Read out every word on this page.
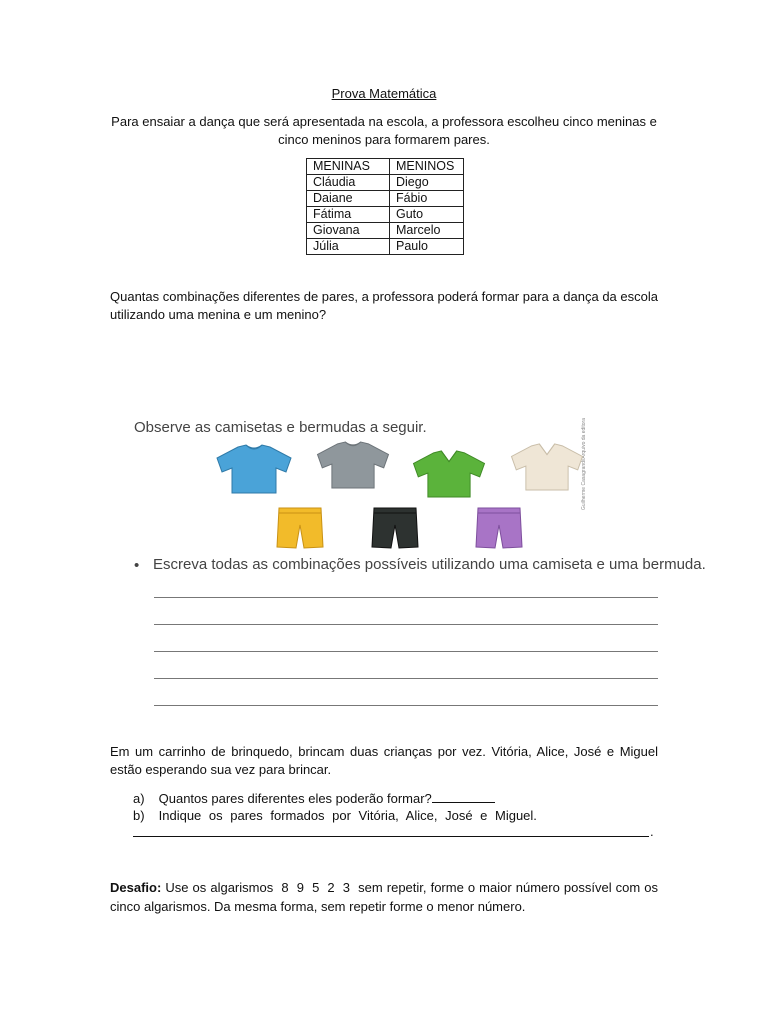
Prova Matemática
Para ensaiar a dança que será apresentada na escola, a professora escolheu cinco meninas e cinco meninos para formarem pares.
MENINAS	MENINOS
Cláudia	Diego
Daiane	Fábio
Fátima	Guto
Giovana	Marcelo
Júlia	Paulo
Quantas combinações diferentes de pares, a professora poderá formar para a dança da escola utilizando uma menina e um menino?
Observe as camisetas e bermudas a seguir.	Guilherme Casagrandi/Arquivo da editora
• Escreva todas as combinações possíveis utilizando uma camiseta e uma bermuda.
Em um carrinho de brinquedo, brincam duas crianças por vez. Vitória, Alice, José e Miguel estão esperando sua vez para brincar.
a) Quantos pares diferentes eles poderão formar?
b) Indique os pares formados por Vitória, Alice, José e Miguel.
.
Desafio: Use os algarismos  8  9  5  2  3  sem repetir, forme o maior número possível com os cinco algarismos. Da mesma forma, sem repetir forme o menor número.
